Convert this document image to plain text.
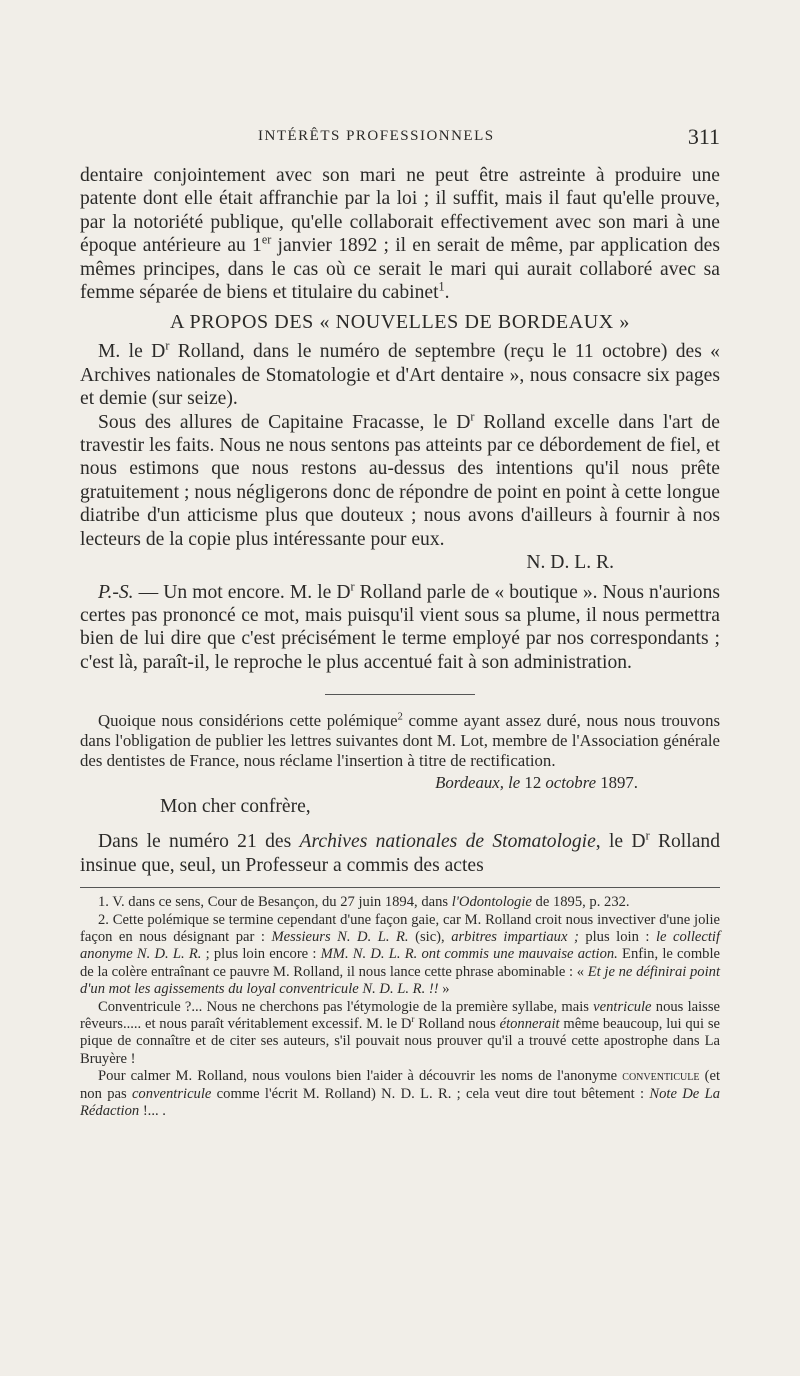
INTÉRÊTS PROFESSIONNELS	311

dentaire conjointement avec son mari ne peut être astreinte à produire une patente dont elle était affranchie par la loi ; il suffit, mais il faut qu'elle prouve, par la notoriété publique, qu'elle collaborait effectivement avec son mari à une époque antérieure au 1er janvier 1892 ; il en serait de même, par application des mêmes principes, dans le cas où ce serait le mari qui aurait collaboré avec sa femme séparée de biens et titulaire du cabinet$^1$.

A PROPOS DES « NOUVELLES DE BORDEAUX »

M. le $D^r$ Rolland, dans le numéro de septembre (reçu le 11 octobre) des « Archives nationales de Stomatologie et d'Art dentaire », nous consacre six pages et demie (sur seize).

Sous des allures de Capitaine Fracasse, le $D^r$ Rolland excelle dans l'art de travestir les faits. Nous ne nous sentons pas atteints par ce débordement de fiel, et nous estimons que nous restons au-dessus des intentions qu'il nous prête gratuitement ; nous négligerons donc de répondre de point en point à cette longue diatribe d'un atticisme plus que douteux ; nous avons d'ailleurs à fournir à nos lecteurs de la copie plus intéressante pour eux.

N. D. L. R.

P.-S. — Un mot encore. M. le $D^r$ Rolland parle de « boutique ». Nous n'aurions certes pas prononcé ce mot, mais puisqu'il vient sous sa plume, il nous permettra bien de lui dire que c'est précisément le terme employé par nos correspondants ; c'est là, paraît-il, le reproche le plus accentué fait à son administration.

Quoique nous considérions cette polémique$^2$ comme ayant assez duré, nous nous trouvons dans l'obligation de publier les lettres suivantes dont M. Lot, membre de l'Association générale des dentistes de France, nous réclame l'insertion à titre de rectification.

Bordeaux, le 12 octobre 1897.

Mon cher confrère,

Dans le numéro 21 des Archives nationales de Stomatologie, le $D^r$ Rolland insinue que, seul, un Professeur a commis des actes

1. V. dans ce sens, Cour de Besançon, du 27 juin 1894, dans l'Odontologie de 1895, p. 232.

2. Cette polémique se termine cependant d'une façon gaie, car M. Rolland croit nous invectiver d'une jolie façon en nous désignant par : Messieurs N. D. L. R. (sic), arbitres impartiaux ; plus loin : le collectif anonyme N. D. L. R. ; plus loin encore : MM. N. D. L. R. ont commis une mauvaise action. Enfin, le comble de la colère entraînant ce pauvre M. Rolland, il nous lance cette phrase abominable : « Et je ne définirai point d'un mot les agissements du loyal conventricule N. D. L. R. !! »

Conventricule ?... Nous ne cherchons pas l'étymologie de la première syllabe, mais ventricule nous laisse rêveurs..... et nous paraît véritablement excessif. M. le $D^r$ Rolland nous étonnerait même beaucoup, lui qui se pique de connaître et de citer ses auteurs, s'il pouvait nous prouver qu'il a trouvé cette apostrophe dans La Bruyère !

Pour calmer M. Rolland, nous voulons bien l'aider à découvrir les noms de l'anonyme conventicule (et non pas conventricule comme l'écrit M. Rolland) N. D. L. R. ; cela veut dire tout bêtement : Note De La Rédaction !... .
